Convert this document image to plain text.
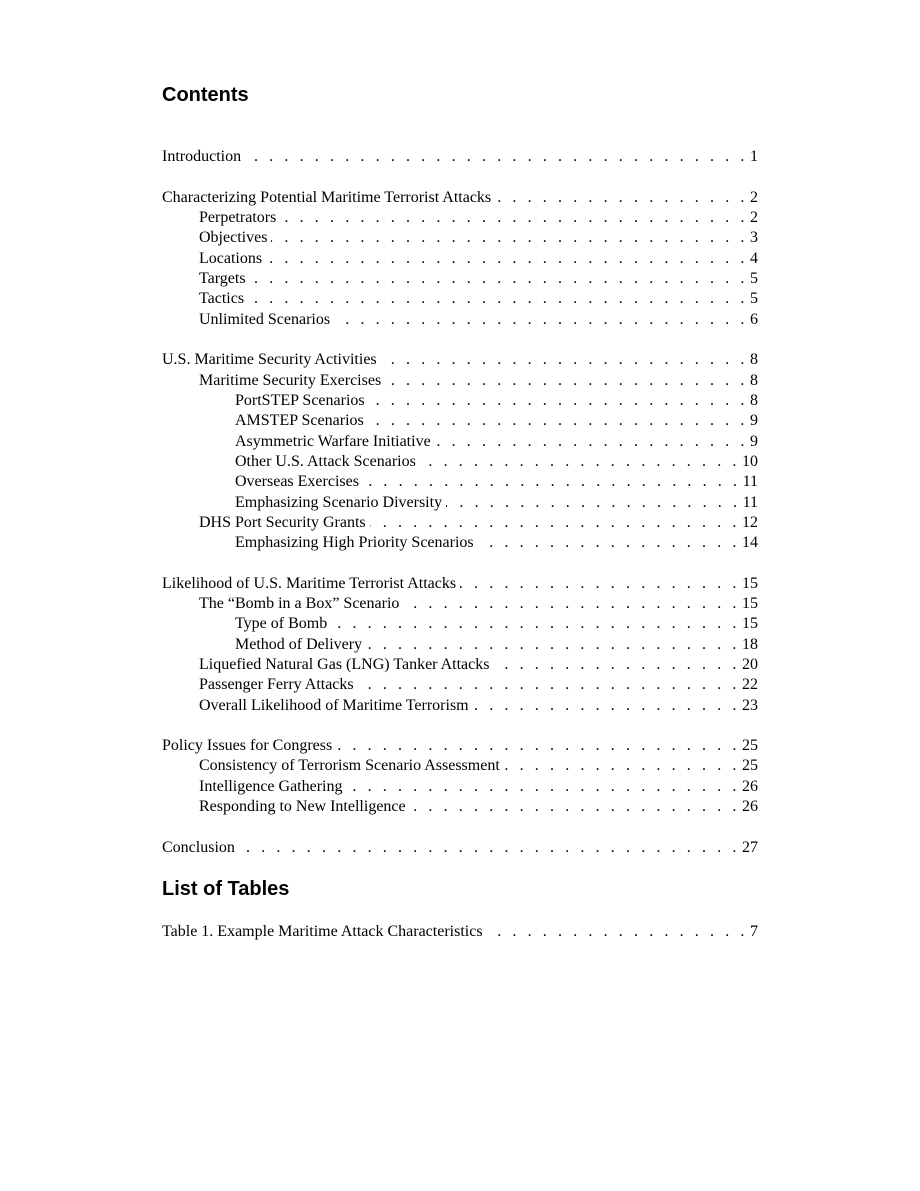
Contents
Introduction . . .	1
Characterizing Potential Maritime Terrorist Attacks . . .	2
Perpetrators . . .	2
Objectives . . .	3
Locations . . .	4
Targets . . .	5
Tactics . . .	5
Unlimited Scenarios . . .	6
U.S. Maritime Security Activities . . .	8
Maritime Security Exercises . . .	8
PortSTEP Scenarios . . .	8
AMSTEP Scenarios . . .	9
Asymmetric Warfare Initiative . . .	9
Other U.S. Attack Scenarios . . .	10
Overseas Exercises . . .	11
Emphasizing Scenario Diversity . . .	11
DHS Port Security Grants . . .	12
Emphasizing High Priority Scenarios . . .	14
Likelihood of U.S. Maritime Terrorist Attacks . . .	15
The “Bomb in a Box” Scenario . . .	15
Type of Bomb . . .	15
Method of Delivery . . .	18
Liquefied Natural Gas (LNG) Tanker Attacks . . .	20
Passenger Ferry Attacks . . .	22
Overall Likelihood of Maritime Terrorism . . .	23
Policy Issues for Congress . . .	25
Consistency of Terrorism Scenario Assessment . . .	25
Intelligence Gathering . . .	26
Responding to New Intelligence . . .	26
Conclusion . . .	27
List of Tables
Table 1. Example Maritime Attack Characteristics . . .	7
